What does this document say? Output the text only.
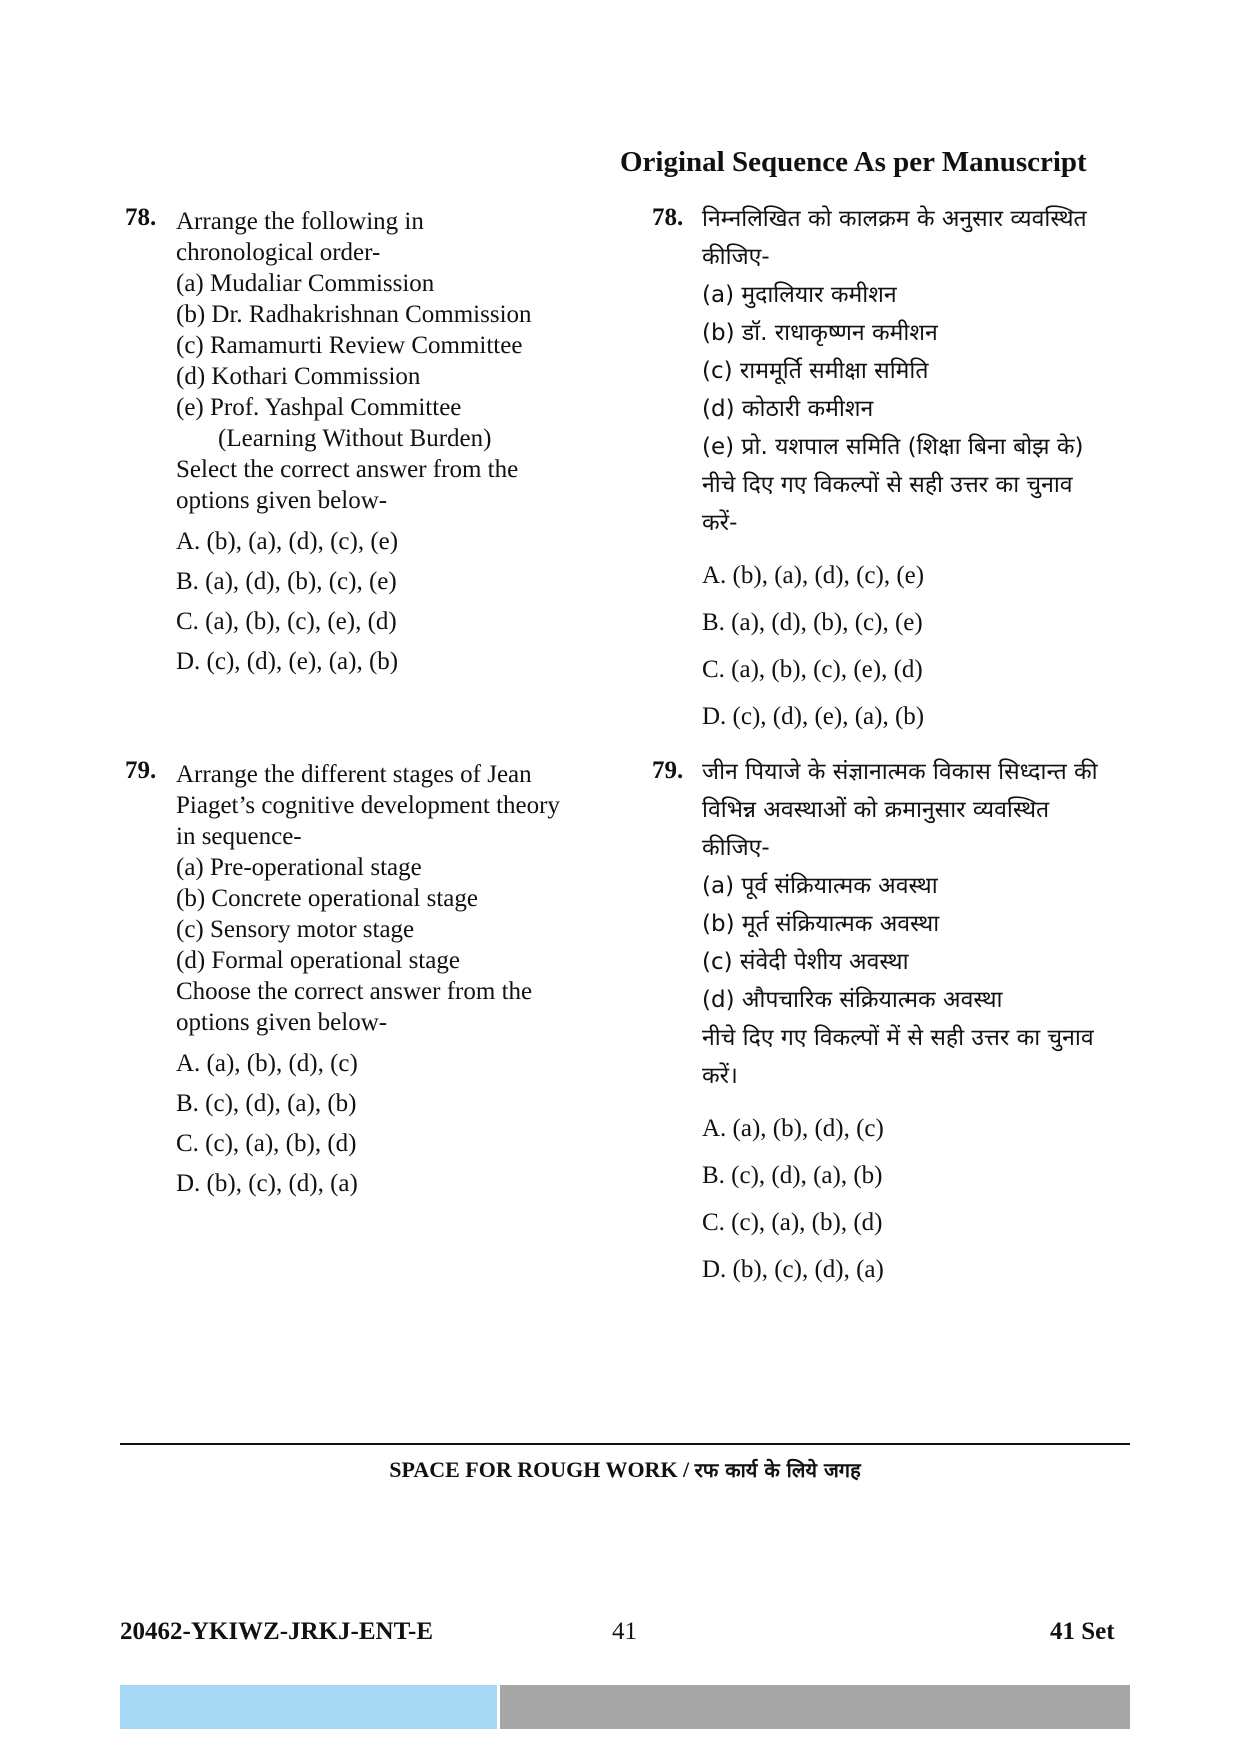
Original Sequence As per Manuscript
78. Arrange the following in
chronological order-
(a) Mudaliar Commission
(b) Dr. Radhakrishnan Commission
(c) Ramamurti Review Committee
(d) Kothari Commission
(e) Prof. Yashpal Committee
(Learning Without Burden)
Select the correct answer from the
options given below-
A. (b), (a), (d), (c), (e)
B. (a), (d), (b), (c), (e)
C. (a), (b), (c), (e), (d)
D. (c), (d), (e), (a), (b)
78. निम्नलिखित को कालक्रम के अनुसार व्यवस्थित
कीजिए-
(a) मुदालियार कमीशन
(b) डॉ. राधाकृष्णन कमीशन
(c) राममूर्ति समीक्षा समिति
(d) कोठारी कमीशन
(e) प्रो. यशपाल समिति (शिक्षा बिना बोझ के)
नीचे दिए गए विकल्पों से सही उत्तर का चुनाव
करें-
A. (b), (a), (d), (c), (e)
B. (a), (d), (b), (c), (e)
C. (a), (b), (c), (e), (d)
D. (c), (d), (e), (a), (b)
79. Arrange the different stages of Jean
Piaget’s cognitive development theory
in sequence-
(a) Pre-operational stage
(b) Concrete operational stage
(c) Sensory motor stage
(d) Formal operational stage
Choose the correct answer from the
options given below-
A. (a), (b), (d), (c)
B. (c), (d), (a), (b)
C. (c), (a), (b), (d)
D. (b), (c), (d), (a)
79. जीन पियाजे के संज्ञानात्मक विकास सिध्दान्त की
विभिन्न अवस्थाओं को क्रमानुसार व्यवस्थित
कीजिए-
(a) पूर्व संक्रियात्मक अवस्था
(b) मूर्त संक्रियात्मक अवस्था
(c) संवेदी पेशीय अवस्था
(d) औपचारिक संक्रियात्मक अवस्था
नीचे दिए गए विकल्पों में से सही उत्तर का चुनाव
करें।
A. (a), (b), (d), (c)
B. (c), (d), (a), (b)
C. (c), (a), (b), (d)
D. (b), (c), (d), (a)
SPACE FOR ROUGH WORK / रफ कार्य के लिये जगह
20462-YKIWZ-JRKJ-ENT-E	41	41 Set
